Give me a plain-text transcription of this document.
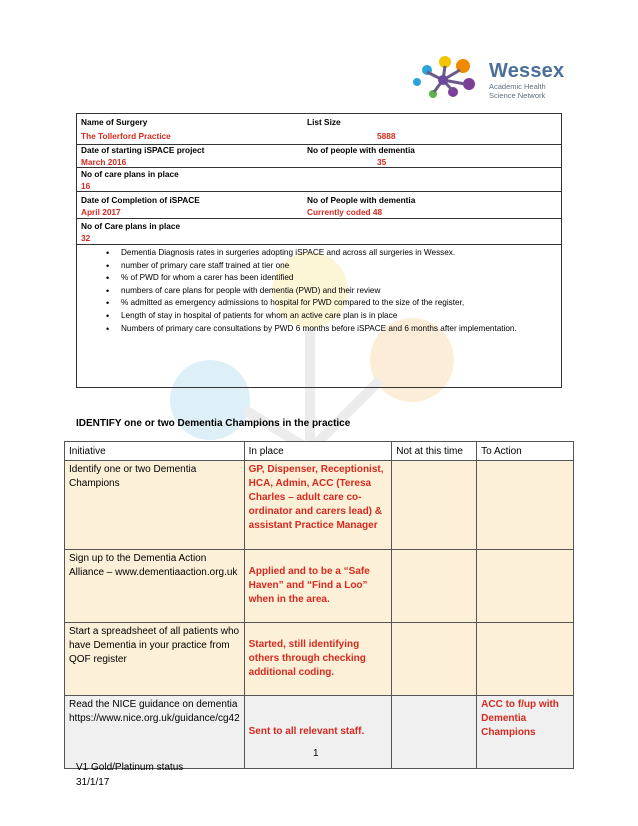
Wessex
Academic Health
Science Network
Name of Surgery
The Tollerford Practice
List Size
5888
Date of starting iSPACE project
March 2016
No of people with dementia
35
No of care plans in place
16
Date of Completion of iSPACE
April 2017
No of People with dementia
Currently coded 48
No of Care plans in place
32
• Dementia Diagnosis rates in surgeries adopting iSPACE and across all surgeries in Wessex.
• number of primary care staff trained at tier one
• % of PWD for whom a carer has been identified
• numbers of care plans for people with dementia (PWD) and their review
• % admitted as emergency admissions to hospital for PWD compared to the size of the register,
• Length of stay in hospital of patients for whom an active care plan is in place
• Numbers of primary care consultations by PWD 6 months before iSPACE and 6 months after implementation.
IDENTIFY one or two Dementia Champions in the practice
Initiative	In place	Not at this time	To Action
Identify one or two Dementia Champions	GP, Dispenser, Receptionist, HCA, Admin, ACC (Teresa Charles – adult care co-ordinator and carers lead) & assistant Practice Manager		
Sign up to the Dementia Action Alliance – www.dementiaaction.org.uk	Applied and to be a “Safe Haven” and “Find a Loo” when in the area.		
Start a spreadsheet of all patients who have Dementia in your practice from QOF register	Started, still identifying others through checking additional coding.		
Read the NICE guidance on dementia https://www.nice.org.uk/guidance/cg42	Sent to all relevant staff.		ACC to f/up with Dementia Champions
1
V1 Gold/Platinum status
31/1/17
